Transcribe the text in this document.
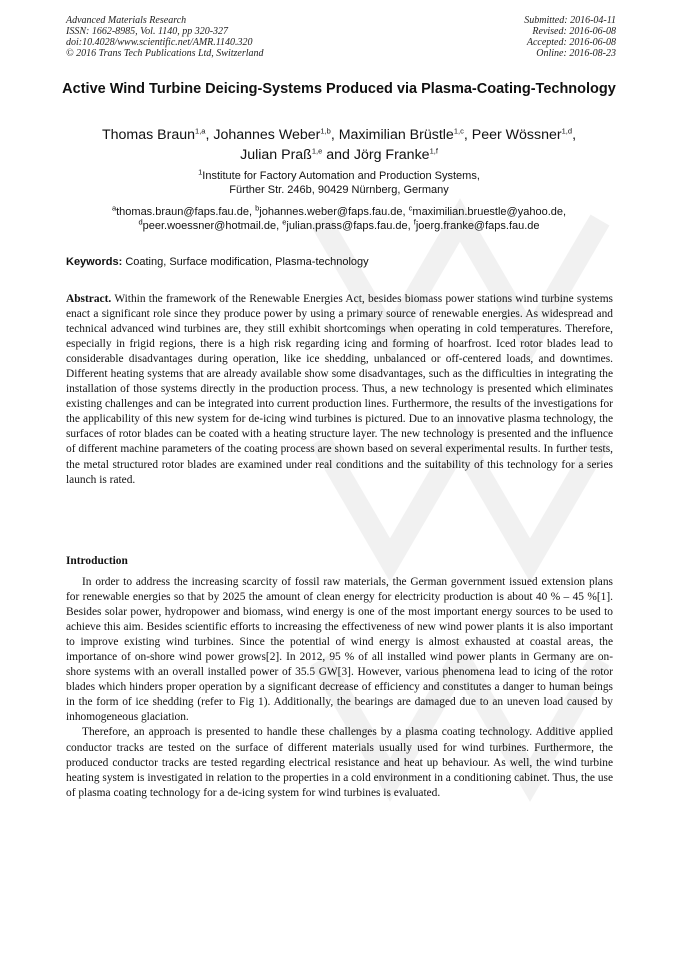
Advanced Materials Research
ISSN: 1662-8985, Vol. 1140, pp 320-327
doi:10.4028/www.scientific.net/AMR.1140.320
© 2016 Trans Tech Publications Ltd, Switzerland
Submitted: 2016-04-11
Revised: 2016-06-08
Accepted: 2016-06-08
Online: 2016-08-23
Active Wind Turbine Deicing-Systems Produced via Plasma-Coating-Technology
Thomas Braun$^{1,a}$, Johannes Weber$^{1,b}$, Maximilian Brüstle$^{1,c}$, Peer Wössner$^{1,d}$,
Julian Praß$^{1,e}$ and Jörg Franke$^{1,f}$
$^1$Institute for Factory Automation and Production Systems,
Fürther Str. 246b, 90429 Nürnberg, Germany
$^a$thomas.braun@faps.fau.de, $^b$johannes.weber@faps.fau.de, $^c$maximilian.bruestle@yahoo.de,
$^d$peer.woessner@hotmail.de, $^e$julian.prass@faps.fau.de, $^f$joerg.franke@faps.fau.de
Keywords: Coating, Surface modification, Plasma-technology

Abstract. Within the framework of the Renewable Energies Act, besides biomass power stations wind turbine systems enact a significant role since they produce power by using a primary source of renewable energies. As widespread and technical advanced wind turbines are, they still exhibit shortcomings when operating in cold temperatures. Therefore, especially in frigid regions, there is a high risk regarding icing and forming of hoarfrost. Iced rotor blades lead to considerable disadvantages during operation, like ice shedding, unbalanced or off-centered loads, and downtimes. Different heating systems that are already available show some disadvantages, such as the difficulties in integrating the installation of those systems directly in the production process. Thus, a new technology is presented which eliminates existing challenges and can be integrated into current production lines. Furthermore, the results of the investigations for the applicability of this new system for de-icing wind turbines is pictured. Due to an innovative plasma technology, the surfaces of rotor blades can be coated with a heating structure layer. The new technology is presented and the influence of different machine parameters of the coating process are shown based on several experimental results. In further tests, the metal structured rotor blades are examined under real conditions and the suitability of this technology for a series launch is rated.

Introduction

In order to address the increasing scarcity of fossil raw materials, the German government issued extension plans for renewable energies so that by 2025 the amount of clean energy for electricity production is about 40 % – 45 %[1]. Besides solar power, hydropower and biomass, wind energy is one of the most important energy sources to be used to achieve this aim. Besides scientific efforts to increasing the effectiveness of new wind power plants it is also important to improve existing wind turbines. Since the potential of wind energy is almost exhausted at coastal areas, the importance of on-shore wind power grows[2]. In 2012, 95 % of all installed wind power plants in Germany are on-shore systems with an overall installed power of 35.5 GW[3]. However, various phenomena lead to icing of the rotor blades which hinders proper operation by a significant decrease of efficiency and constitutes a danger to human beings in the form of ice shedding (refer to Fig 1). Additionally, the bearings are damaged due to an uneven load caused by inhomogeneous glaciation.

Therefore, an approach is presented to handle these challenges by a plasma coating technology. Additive applied conductor tracks are tested on the surface of different materials usually used for wind turbines. Furthermore, the produced conductor tracks are tested regarding electrical resistance and heat up behaviour. As well, the wind turbine heating system is investigated in relation to the properties in a cold environment in a conditioning cabinet. Thus, the use of plasma coating technology for a de-icing system for wind turbines is evaluated.
